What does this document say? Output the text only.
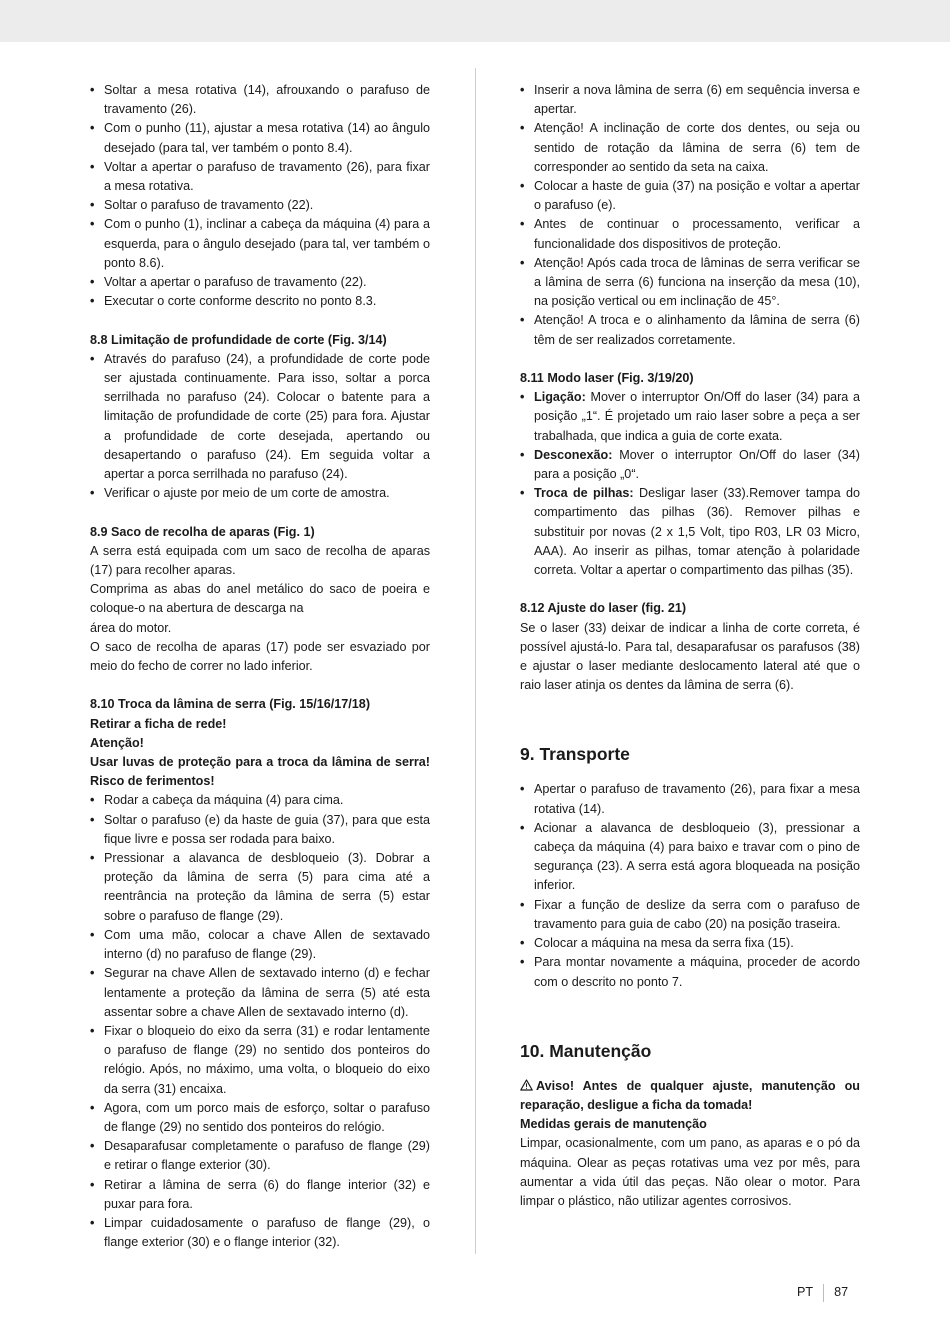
• Soltar a mesa rotativa (14), afrouxando o parafuso de travamento (26).
• Com o punho (11), ajustar a mesa rotativa (14) ao ângulo desejado (para tal, ver também o ponto 8.4).
• Voltar a apertar o parafuso de travamento (26), para fixar a mesa rotativa.
• Soltar o parafuso de travamento (22).
• Com o punho (1), inclinar a cabeça da máquina (4) para a esquerda, para o ângulo desejado (para tal, ver também o ponto 8.6).
• Voltar a apertar o parafuso de travamento (22).
• Executar o corte conforme descrito no ponto 8.3.

8.8 Limitação de profundidade de corte (Fig. 3/14)

• Através do parafuso (24), a profundidade de corte pode ser ajustada continuamente. Para isso, soltar a porca serrilhada no parafuso (24). Colocar o batente para a limitação de profundidade de corte (25) para fora. Ajustar a profundidade de corte desejada, apertando ou desapertando o parafuso (24). Em seguida voltar a apertar a porca serrilhada no parafuso (24).
• Verificar o ajuste por meio de um corte de amostra.

8.9 Saco de recolha de aparas (Fig. 1)

A serra está equipada com um saco de recolha de aparas (17) para recolher aparas.

Comprima as abas do anel metálico do saco de poeira e coloque-o na abertura de descarga na

área do motor.

O saco de recolha de aparas (17) pode ser esvaziado por meio do fecho de correr no lado inferior.

8.10 Troca da lâmina de serra (Fig. 15/16/17/18)

Retirar a ficha de rede!

Atenção!

Usar luvas de proteção para a troca da lâmina de serra! Risco de ferimentos!

• Rodar a cabeça da máquina (4) para cima.
• Soltar o parafuso (e) da haste de guia (37), para que esta fique livre e possa ser rodada para baixo.
• Pressionar a alavanca de desbloqueio (3). Dobrar a proteção da lâmina de serra (5) para cima até a reentrância na proteção da lâmina de serra (5) estar sobre o parafuso de flange (29).
• Com uma mão, colocar a chave Allen de sextavado interno (d) no parafuso de flange (29).
• Segurar na chave Allen de sextavado interno (d) e fechar lentamente a proteção da lâmina de serra (5) até esta assentar sobre a chave Allen de sextavado interno (d).
• Fixar o bloqueio do eixo da serra (31) e rodar lentamente o parafuso de flange (29) no sentido dos ponteiros do relógio. Após, no máximo, uma volta, o bloqueio do eixo da serra (31) encaixa.
• Agora, com um porco mais de esforço, soltar o parafuso de flange (29) no sentido dos ponteiros do relógio.
• Desaparafusar completamente o parafuso de flange (29) e retirar o flange exterior (30).
• Retirar a lâmina de serra (6) do flange interior (32) e puxar para fora.
• Limpar cuidadosamente o parafuso de flange (29), o flange exterior (30) e o flange interior (32).
• Inserir a nova lâmina de serra (6) em sequência inversa e apertar.
• Atenção! A inclinação de corte dos dentes, ou seja ou sentido de rotação da lâmina de serra (6) tem de corresponder ao sentido da seta na caixa.
• Colocar a haste de guia (37) na posição e voltar a apertar o parafuso (e).
• Antes de continuar o processamento, verificar a funcionalidade dos dispositivos de proteção.
• Atenção! Após cada troca de lâminas de serra verificar se a lâmina de serra (6) funciona na inserção da mesa (10), na posição vertical ou em inclinação de 45°.
• Atenção! A troca e o alinhamento da lâmina de serra (6) têm de ser realizados corretamente.

8.11 Modo laser (Fig. 3/19/20)

• Ligação: Mover o interruptor On/Off do laser (34) para a posição „1“. É projetado um raio laser sobre a peça a ser trabalhada, que indica a guia de corte exata.
• Desconexão: Mover o interruptor On/Off do laser (34) para a posição „0“.
• Troca de pilhas: Desligar laser (33).Remover tampa do compartimento das pilhas (36). Remover pilhas e substituir por novas (2 x 1,5 Volt, tipo R03, LR 03 Micro, AAA). Ao inserir as pilhas, tomar atenção à polaridade correta. Voltar a apertar o compartimento das pilhas (35).

8.12 Ajuste do laser (fig. 21)

Se o laser (33) deixar de indicar a linha de corte correta, é possível ajustá-lo. Para tal, desaparafusar os parafusos (38) e ajustar o laser mediante deslocamento lateral até que o raio laser atinja os dentes da lâmina de serra (6).

9. Transporte

• Apertar o parafuso de travamento (26), para fixar a mesa rotativa (14).
• Acionar a alavanca de desbloqueio (3), pressionar a cabeça da máquina (4) para baixo e travar com o pino de segurança (23). A serra está agora bloqueada na posição inferior.
• Fixar a função de deslize da serra com o parafuso de travamento para guia de cabo (20) na posição traseira.
• Colocar a máquina na mesa da serra fixa (15).
• Para montar novamente a máquina, proceder de acordo com o descrito no ponto 7.

10. Manutenção

Aviso! Antes de qualquer ajuste, manutenção ou reparação, desligue a ficha da tomada!

Medidas gerais de manutenção

Limpar, ocasionalmente, com um pano, as aparas e o pó da máquina. Olear as peças rotativas uma vez por mês, para aumentar a vida útil das peças. Não olear o motor. Para limpar o plástico, não utilizar agentes corrosivos.

PT 87
